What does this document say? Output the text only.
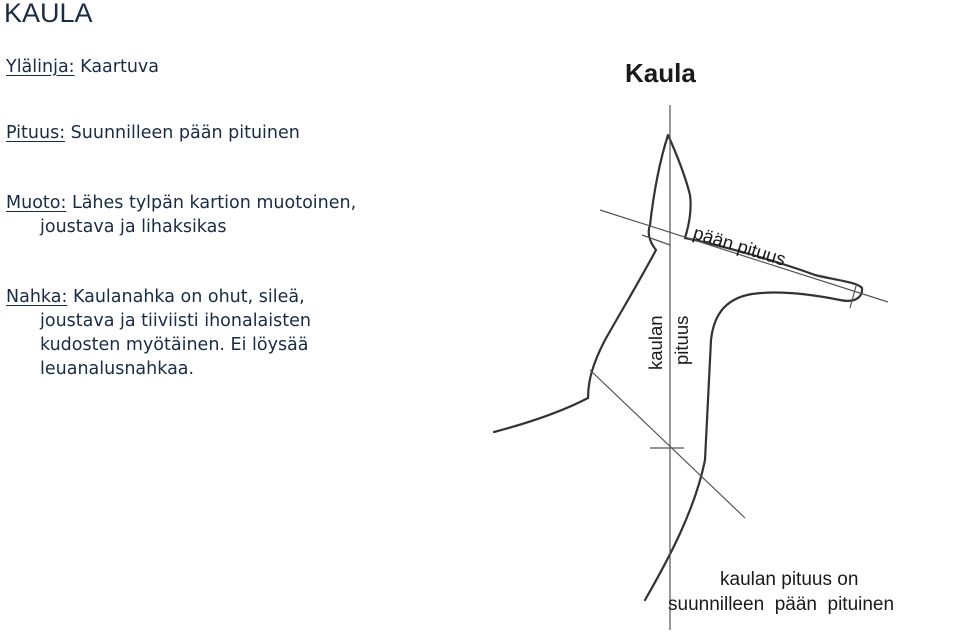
KAULA
Ylälinja: Kaartuva
Pituus: Suunnilleen pään pituinen
Muoto: Lähes tylpän kartion muotoinen,
joustava ja lihaksikas
Nahka: Kaulanahka on ohut, sileä,
joustava ja tiiviisti ihonalaisten
kudosten myötäinen. Ei löysää
leuanalusnahkaa.
Kaula
pään pituus
kaulan pituus
kaulan pituus on
suunnilleen  pään  pituinen
